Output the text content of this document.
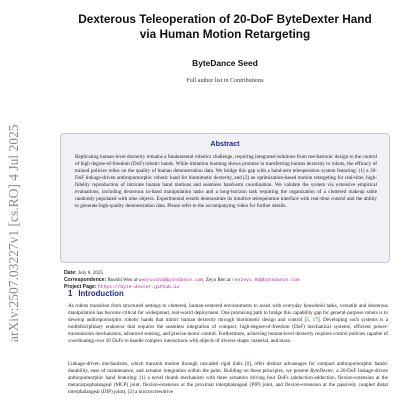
arXiv:2507.03227v1 [cs.RO] 4 Jul 2025
Dexterous Teleoperation of 20-DoF ByteDexter Hand
via Human Motion Retargeting
ByteDance Seed
Full author list in Contributions
Abstract

Replicating human-level dexterity remains a fundamental robotics challenge, requiring integrated solutions from mechatronic design to the control of high degree-of-freedom (DoF) robotic hands. While imitation learning shows promise in transferring human dexterity to robots, the efficacy of trained policies relies on the quality of human demonstration data. We bridge this gap with a hand-arm teleoperation system featuring: (1) a 20-DoF linkage-driven anthropomorphic robotic hand for biomimetic dexterity, and (2) an optimization-based motion retargeting for real-time, high-fidelity reproduction of intricate human hand motions and seamless hand-arm coordination. We validate the system via extensive empirical evaluations, including dexterous in-hand manipulation tasks and a long-horizon task requiring the organization of a cluttered makeup table randomly populated with nine objects. Experimental results demonstrate its intuitive teleoperation interface with real-time control and the ability to generate high-quality demonstration data. Please refer to the accompanying video for further details.

Date: July 8, 2025
Correspondence: Ruoshi Wen at wenruoshi@bytedance.com, Zeyu Ren at renzeyu.93@bytedance.com
Project Page: https://byte-dexter.github.io
1 Introduction

As robots transition from structured settings to cluttered, human-centered environments to assist with everyday household tasks, versatile and dexterous manipulation has become critical for widespread, real-world deployment. One promising path to bridge this capability gap for general-purpose robots is to develop anthropomorphic robotic hands that mimic human dexterity through biomimetic design and control [5, 17]. Developing such systems is a multidisciplinary endeavor that requires the seamless integration of compact, high-degree-of-freedom (DoF) mechanical systems, efficient power-transmission mechanisms, advanced sensing, and precise motor control. Furthermore, achieving human-level dexterity requires control policies capable of coordinating over 20 DoFs to handle complex interactions with objects of diverse shape, material, and mass.

Linkage-driven mechanisms, which transmit motion through cascaded rigid links [8], offer distinct advantages for compact anthropomorphic hands: durability, ease of maintenance, and actuator integration within the palm. Building on these principles, we present ByteDexter, a 20-DoF linkage-driven anthropomorphic hand featuring: (1) a novel thumb mechanism with three actuators driving four DoFs (abduction-adduction, flexion-extension at the metacarpophalangeal (MCP) joint, flexion-extension at the proximal interphalangeal (PIP) joint, and flexion-extension at the passively coupled distal interphalangeal (DIP) joint), (2) a microscrewdrive
